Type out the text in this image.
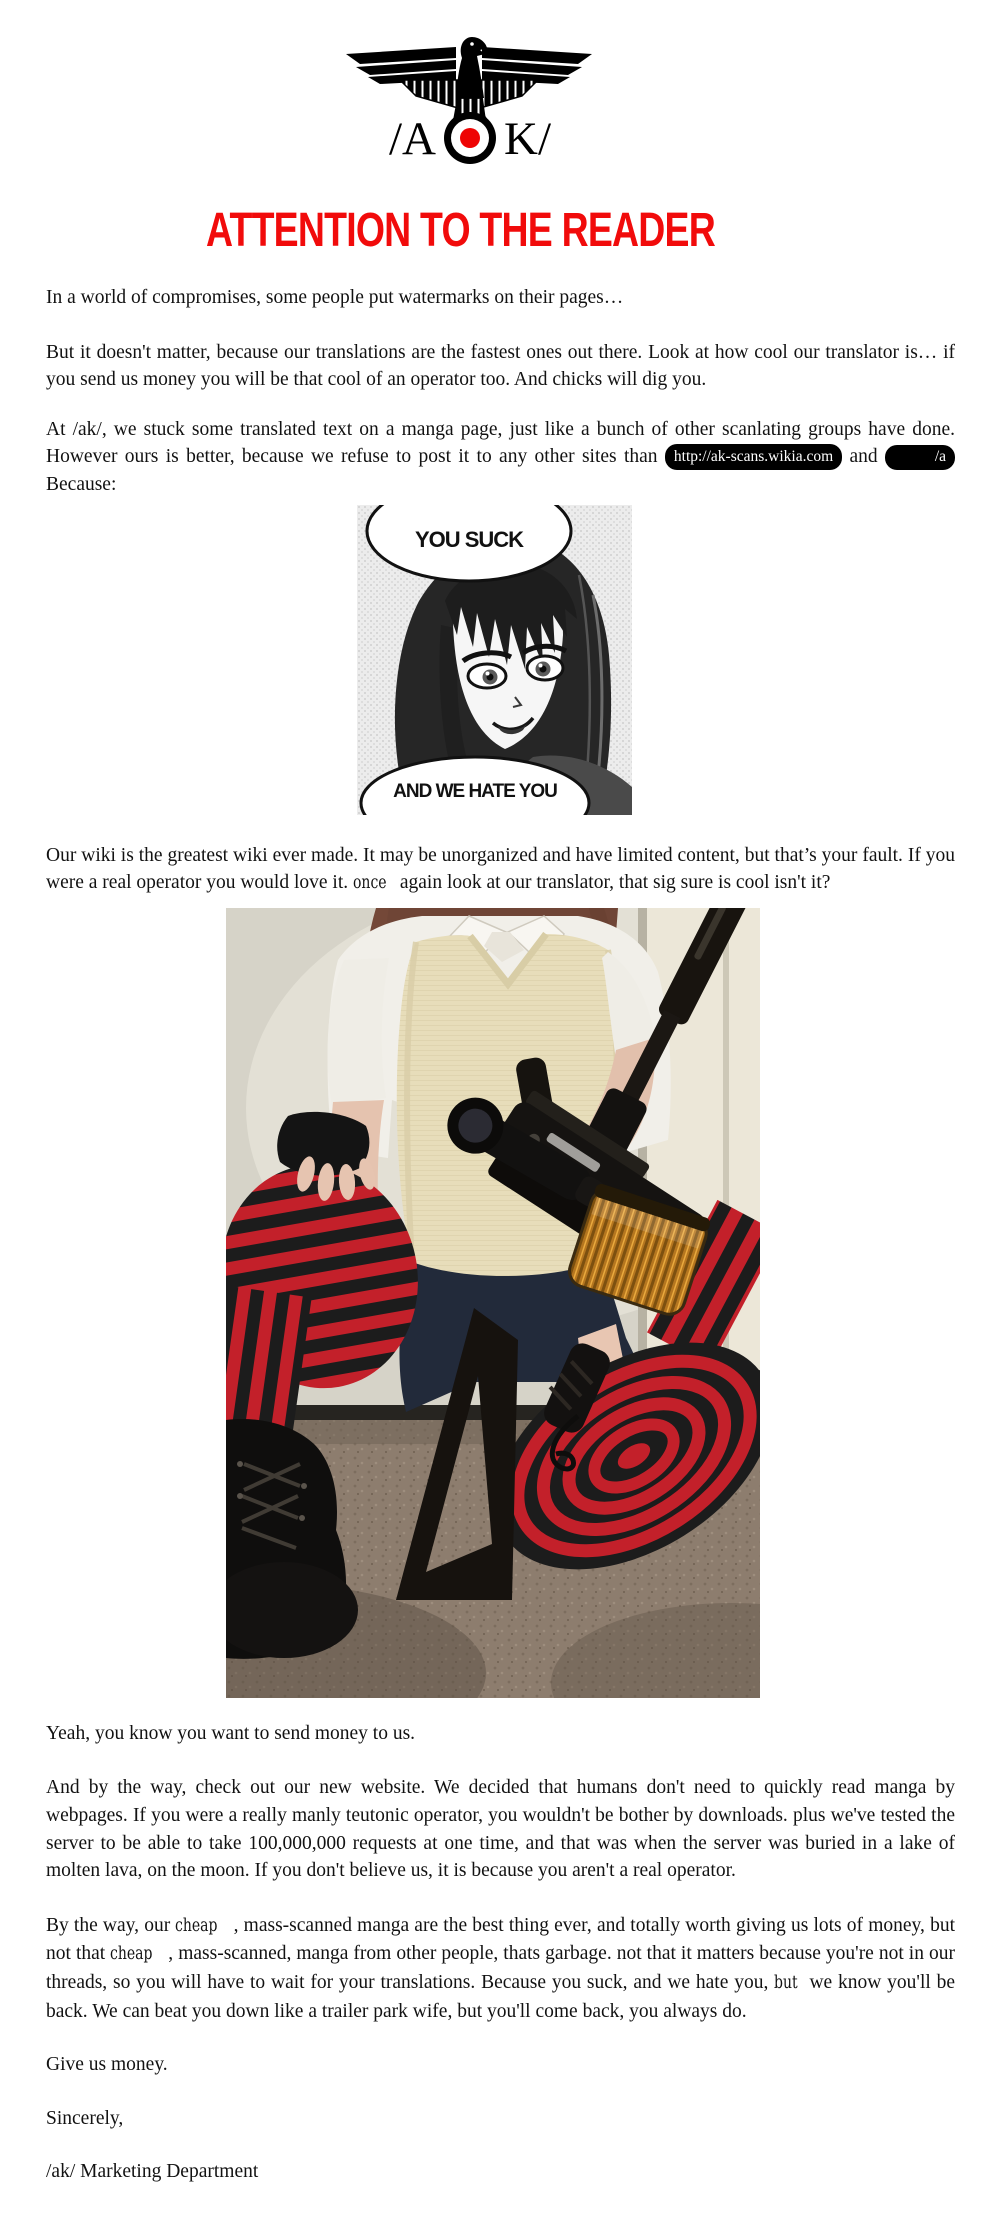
/A K/
ATTENTION TO THE READER

In a world of compromises, some people put watermarks on their pages…

But it doesn't matter, because our translations are the fastest ones out there. Look at how cool our translator is… if you send us money you will be that cool of an operator too. And chicks will dig you.

At /ak/, we stuck some translated text on a manga page, just like a bunch of other scanlating groups have done. However ours is better, because we refuse to post it to any other sites than http://ak-scans.wikia.com and	/a Because:

YOU SUCK
AND WE HATE YOU

Our wiki is the greatest wiki ever made. It may be unorganized and have limited content, but that’s your fault. If you were a real operator you would love it. once again look at our translator, that sig sure is cool isn't it?

Yeah, you know you want to send money to us.

And by the way, check out our new website. We decided that humans don't need to quickly read manga by webpages. If you were a really manly teutonic operator, you wouldn't be bother by downloads. plus we've tested the server to be able to take 100,000,000 requests at one time, and that was when the server was buried in a lake of molten lava, on the moon. If you don't believe us, it is because you aren't a real operator.

By the way, our cheap , mass-scanned manga are the best thing ever, and totally worth giving us lots of money, but not that cheap , mass-scanned, manga from other people, thats garbage. not that it matters because you're not in our threads, so you will have to wait for your translations. Because you suck, and we hate you, but we know you'll be back. We can beat you down like a trailer park wife, but you'll come back, you always do.

Give us money.

Sincerely,

/ak/ Marketing Department
